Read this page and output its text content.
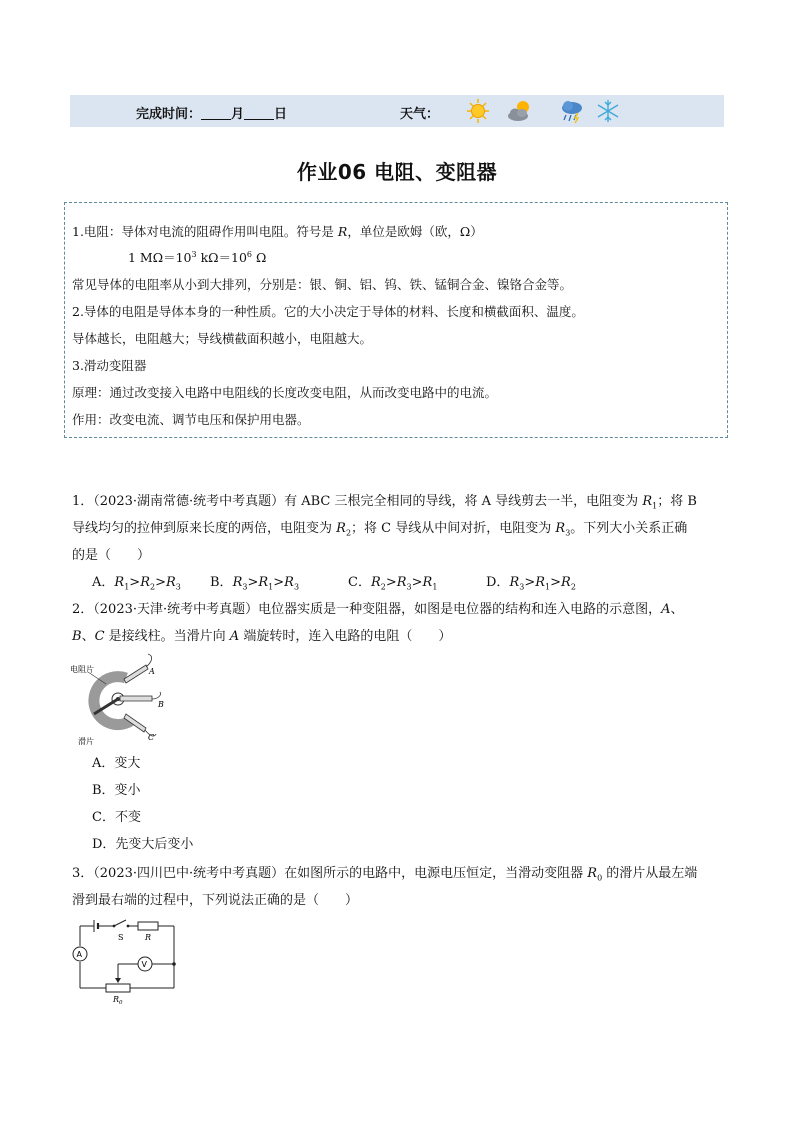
完成时间： 月 日	天气：
作业06 电阻、变阻器
1.电阻：导体对电流的阻碍作用叫电阻。符号是 R，单位是欧姆（欧，Ω）
1 $M\Omega=10^3$ $k\Omega=10^6$ Ω
常见导体的电阻率从小到大排列，分别是：银、铜、铝、钨、铁、锰铜合金、镍铬合金等。
2.导体的电阻是导体本身的一种性质。它的大小决定于导体的材料、长度和横截面积、温度。
导体越长，电阻越大；导线横截面积越小，电阻越大。
3.滑动变阻器
原理：通过改变接入电路中电阻线的长度改变电阻，从而改变电路中的电流。
作用：改变电流、调节电压和保护用电器。
1．（2023·湖南常德·统考中考真题）有 ABC 三根完全相同的导线，将 A 导线剪去一半，电阻变为 $R_1$；将 B
导线均匀的拉伸到原来长度的两倍，电阻变为 $R_2$；将 C 导线从中间对折，电阻变为 $R_3$。下列大小关系正确
的是（　　）
A．$R_1>R_2>R_3$ B．$R_3>R_1>R_3$	C．$R_2>R_3>R_1$	D．$R_3>R_1>R_2$
2．（2023·天津·统考中考真题）电位器实质是一种变阻器，如图是电位器的结构和连入电路的示意图，A、
B、C 是接线柱。当滑片向 A 端旋转时，连入电路的电阻（　　）
电阻片
滑片
A
B
C
A．变大
B．变小
C．不变
D．先变大后变小
3．（2023·四川巴中·统考中考真题）在如图所示的电路中，电源电压恒定，当滑动变阻器 $R_0$ 的滑片从最左端
滑到最右端的过程中，下列说法正确的是（　　）
A
V
S	R
$R_0$
